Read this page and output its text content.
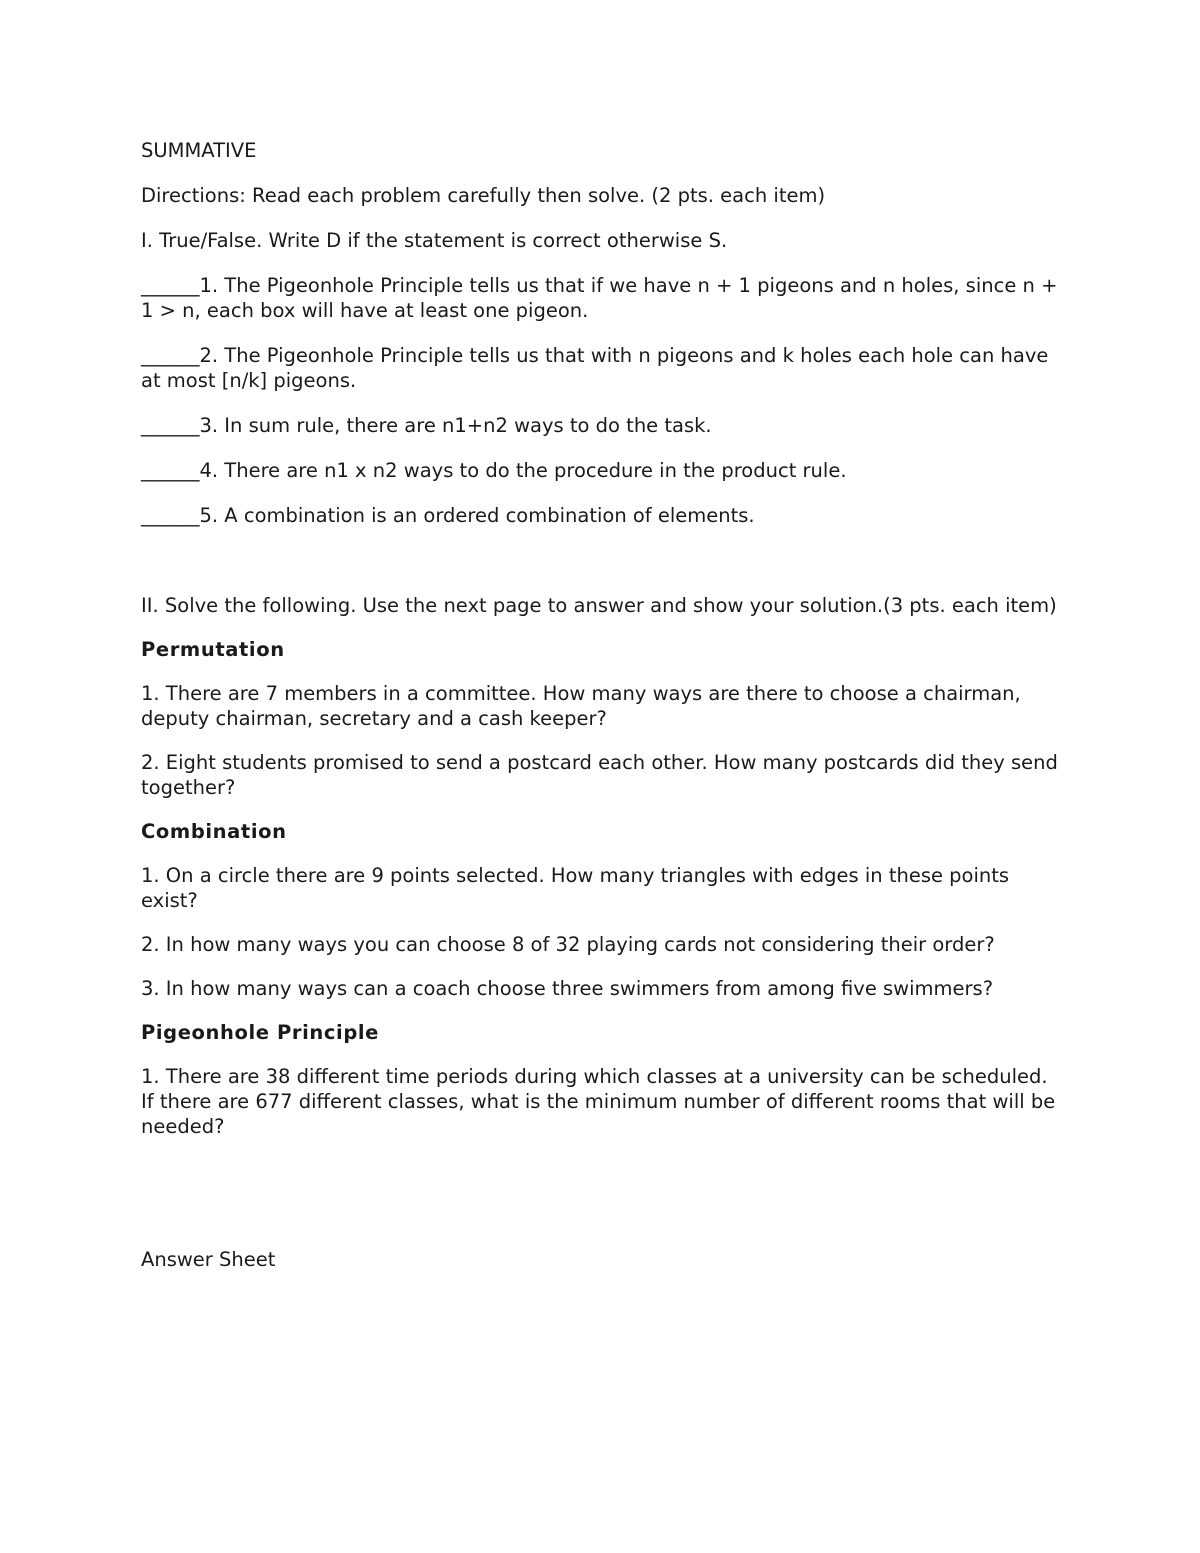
SUMMATIVE

Directions: Read each problem carefully then solve. (2 pts. each item)

I. True/False. Write D if the statement is correct otherwise S.

______1. The Pigeonhole Principle tells us that if we have n + 1 pigeons and n holes, since n + 1 > n, each box will have at least one pigeon.

______2. The Pigeonhole Principle tells us that with n pigeons and k holes each hole can have at most [n/k] pigeons.

______3. In sum rule, there are n1+n2 ways to do the task.

______4. There are n1 x n2 ways to do the procedure in the product rule.

______5. A combination is an ordered combination of elements.

II. Solve the following. Use the next page to answer and show your solution.(3 pts. each item)

Permutation

1. There are 7 members in a committee. How many ways are there to choose a chairman, deputy chairman, secretary and a cash keeper?

2. Eight students promised to send a postcard each other. How many postcards did they send together?

Combination

1. On a circle there are 9 points selected. How many triangles with edges in these points exist?

2. In how many ways you can choose 8 of 32 playing cards not considering their order?

3. In how many ways can a coach choose three swimmers from among five swimmers?

Pigeonhole Principle

1. There are 38 different time periods during which classes at a university can be scheduled. If there are 677 different classes, what is the minimum number of different rooms that will be needed?

Answer Sheet
